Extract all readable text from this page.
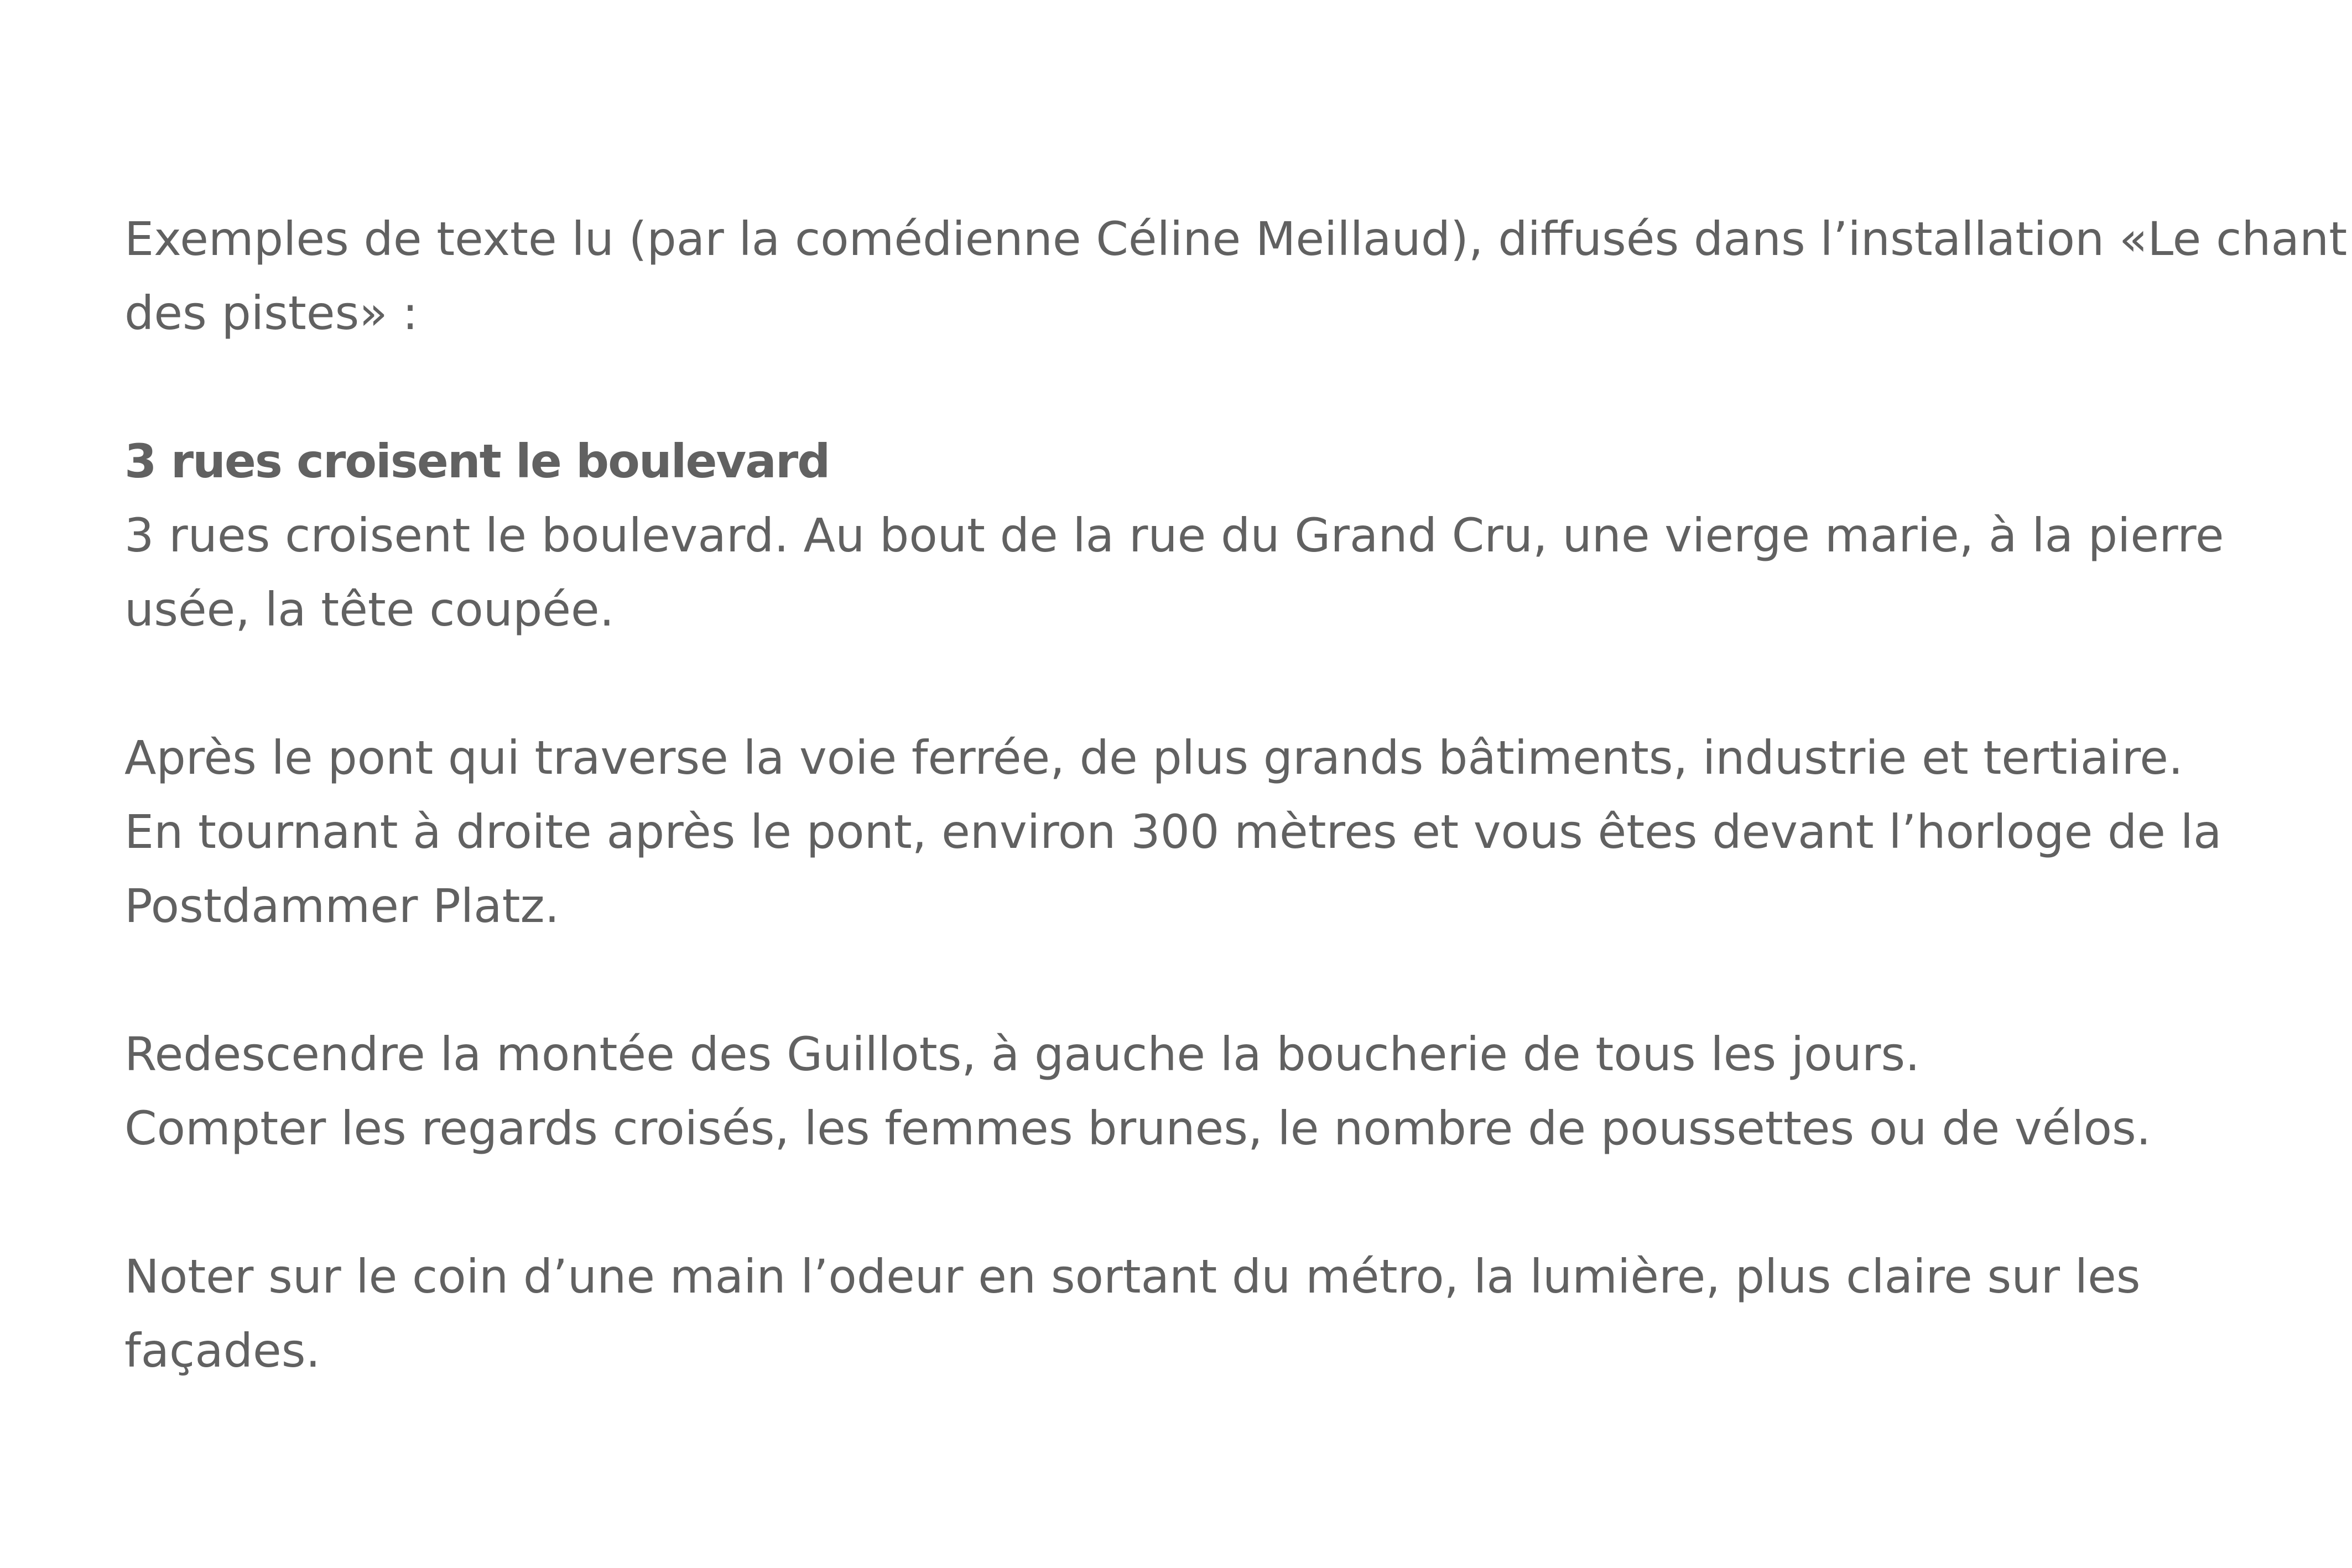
Exemples de texte lu (par la comédienne Céline Meillaud), diffusés dans l’installation «Le chant
des pistes» :

3 rues croisent le boulevard
3 rues croisent le boulevard. Au bout de la rue du Grand Cru, une vierge marie, à la pierre
usée, la tête coupée.

Après le pont qui traverse la voie ferrée, de plus grands bâtiments, industrie et tertiaire.
En tournant à droite après le pont, environ 300 mètres et vous êtes devant l’horloge de la
Postdammer Platz.

Redescendre la montée des Guillots, à gauche la boucherie de tous les jours.
Compter les regards croisés, les femmes brunes, le nombre de poussettes ou de vélos.

Noter sur le coin d’une main l’odeur en sortant du métro, la lumière, plus claire sur les
façades.
